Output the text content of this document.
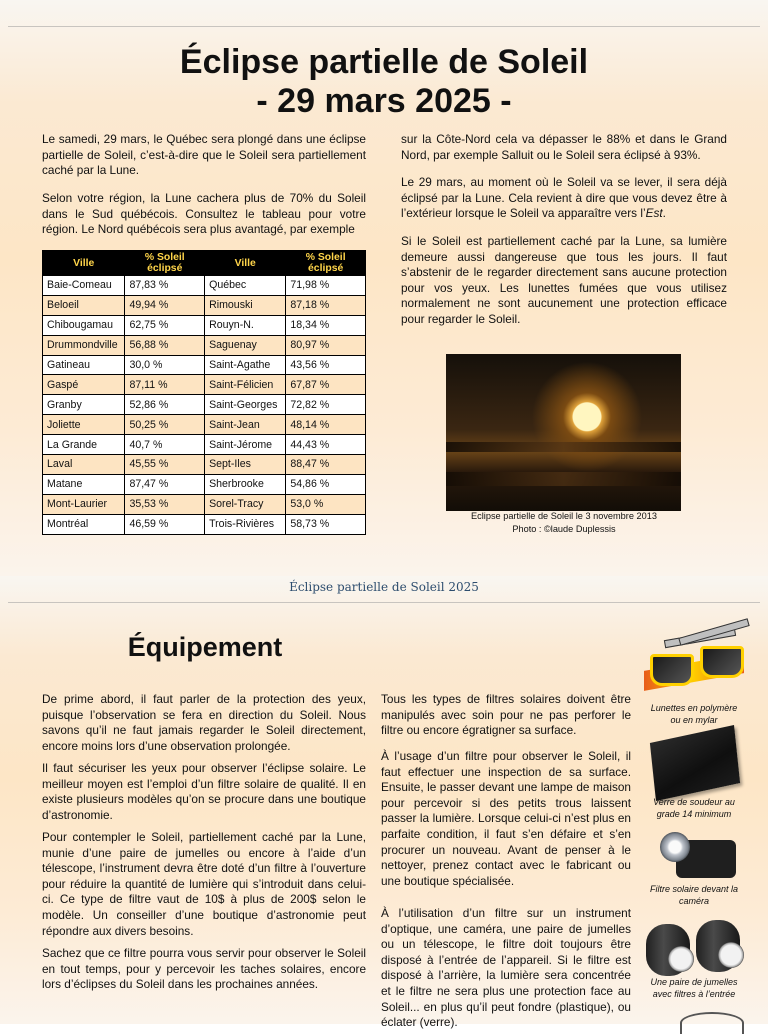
Éclipse partielle de Soleil
- 29 mars 2025 -

Le samedi, 29 mars, le Québec sera plongé dans une éclipse partielle de Soleil, c’est-à-dire que le Soleil sera partiellement caché par la Lune.

Selon votre région, la Lune cachera plus de 70% du Soleil dans le Sud québécois. Consultez le tableau pour votre région. Le Nord québécois sera plus avantagé, par exemple

Ville	% Soleil éclipsé	Ville	% Soleil éclipsé
Baie-Comeau	87,83 %	Québec	71,98 %
Beloeil	49,94 %	Rimouski	87,18 %
Chibougamau	62,75 %	Rouyn-N.	18,34 %
Drummondville	56,88 %	Saguenay	80,97 %
Gatineau	30,0 %	Saint-Agathe	43,56 %
Gaspé	87,11 %	Saint-Félicien	67,87 %
Granby	52,86 %	Saint-Georges	72,82 %
Joliette	50,25 %	Saint-Jean	48,14 %
La Grande	40,7 %	Saint-Jérome	44,43 %
Laval	45,55 %	Sept-Iles	88,47 %
Matane	87,47 %	Sherbrooke	54,86 %
Mont-Laurier	35,53 %	Sorel-Tracy	53,0 %
Montréal	46,59 %	Trois-Rivières	58,73 %

sur la Côte-Nord cela va dépasser le 88% et dans le Grand Nord, par exemple Salluit ou le Soleil sera éclipsé à 93%.

Le 29 mars, au moment où le Soleil va se lever, il sera déjà éclipsé par la Lune. Cela revient à dire que vous devez être à l’extérieur lorsque le Soleil va apparaître vers l’Est.

Si le Soleil est partiellement caché par la Lune, sa lumière demeure aussi dangereuse que tous les jours. Il faut s’abstenir de le regarder directement sans aucune protection pour vos yeux. Les lunettes fumées que vous utilisez normalement ne sont aucunement une protection efficace pour regarder le Soleil.

Eclipse partielle de Soleil le 3 novembre 2013
Photo : ©laude Duplessis
Équipement

De prime abord, il faut parler de la protection des yeux, puisque l’observation se fera en direction du Soleil. Nous savons qu’il ne faut jamais regarder le Soleil directement, encore moins lors d’une observation prolongée.

Il faut sécuriser les yeux pour observer l’éclipse solaire. Le meilleur moyen est l’emploi d’un filtre solaire de qualité. Il en existe plusieurs modèles qu’on se procure dans une boutique d’astronomie.

Pour contempler le Soleil, partiellement caché par la Lune, munie d’une paire de jumelles ou encore à l’aide d’un télescope, l’instrument devra être doté d’un filtre à l’ouverture pour réduire la quantité de lumière qui s’introduit dans celui-ci. Ce type de filtre vaut de 10$ à plus de 200$ selon le modèle. Un conseiller d’une boutique d’astronomie peut répondre aux divers besoins.

Sachez que ce filtre pourra vous servir pour observer le Soleil en tout temps, pour y percevoir les taches solaires, encore lors d’éclipses du Soleil dans les prochaines années.

Tous les types de filtres solaires doivent être manipulés avec soin pour ne pas perforer le filtre ou encore égratigner sa surface.

À l’usage d’un filtre pour observer le Soleil, il faut effectuer une inspection de sa surface. Ensuite, le passer devant une lampe de maison pour percevoir si des petits trous laissent passer la lumière. Lorsque celui-ci n’est plus en parfaite condition, il faut s’en défaire et s’en procurer un nouveau. Avant de penser à le nettoyer, prenez contact avec le fabricant ou une boutique spécialisée.

À l’utilisation d’un filtre sur un instrument d’optique, une caméra, une paire de jumelles ou un télescope, le filtre doit toujours être disposé à l’entrée de l’appareil. Si le filtre est disposé à l’arrière, la lumière sera concentrée et le filtre ne sera plus une protection face au Soleil... en plus qu’il peut fondre (plastique), ou éclater (verre).

Éclipse partielle de Soleil 2025
Lunettes en polymère
ou en mylar
Verre de soudeur au
grade 14 minimum
Filtre solaire devant la
caméra
Une paire de jumelles
avec filtres à l’entrée
